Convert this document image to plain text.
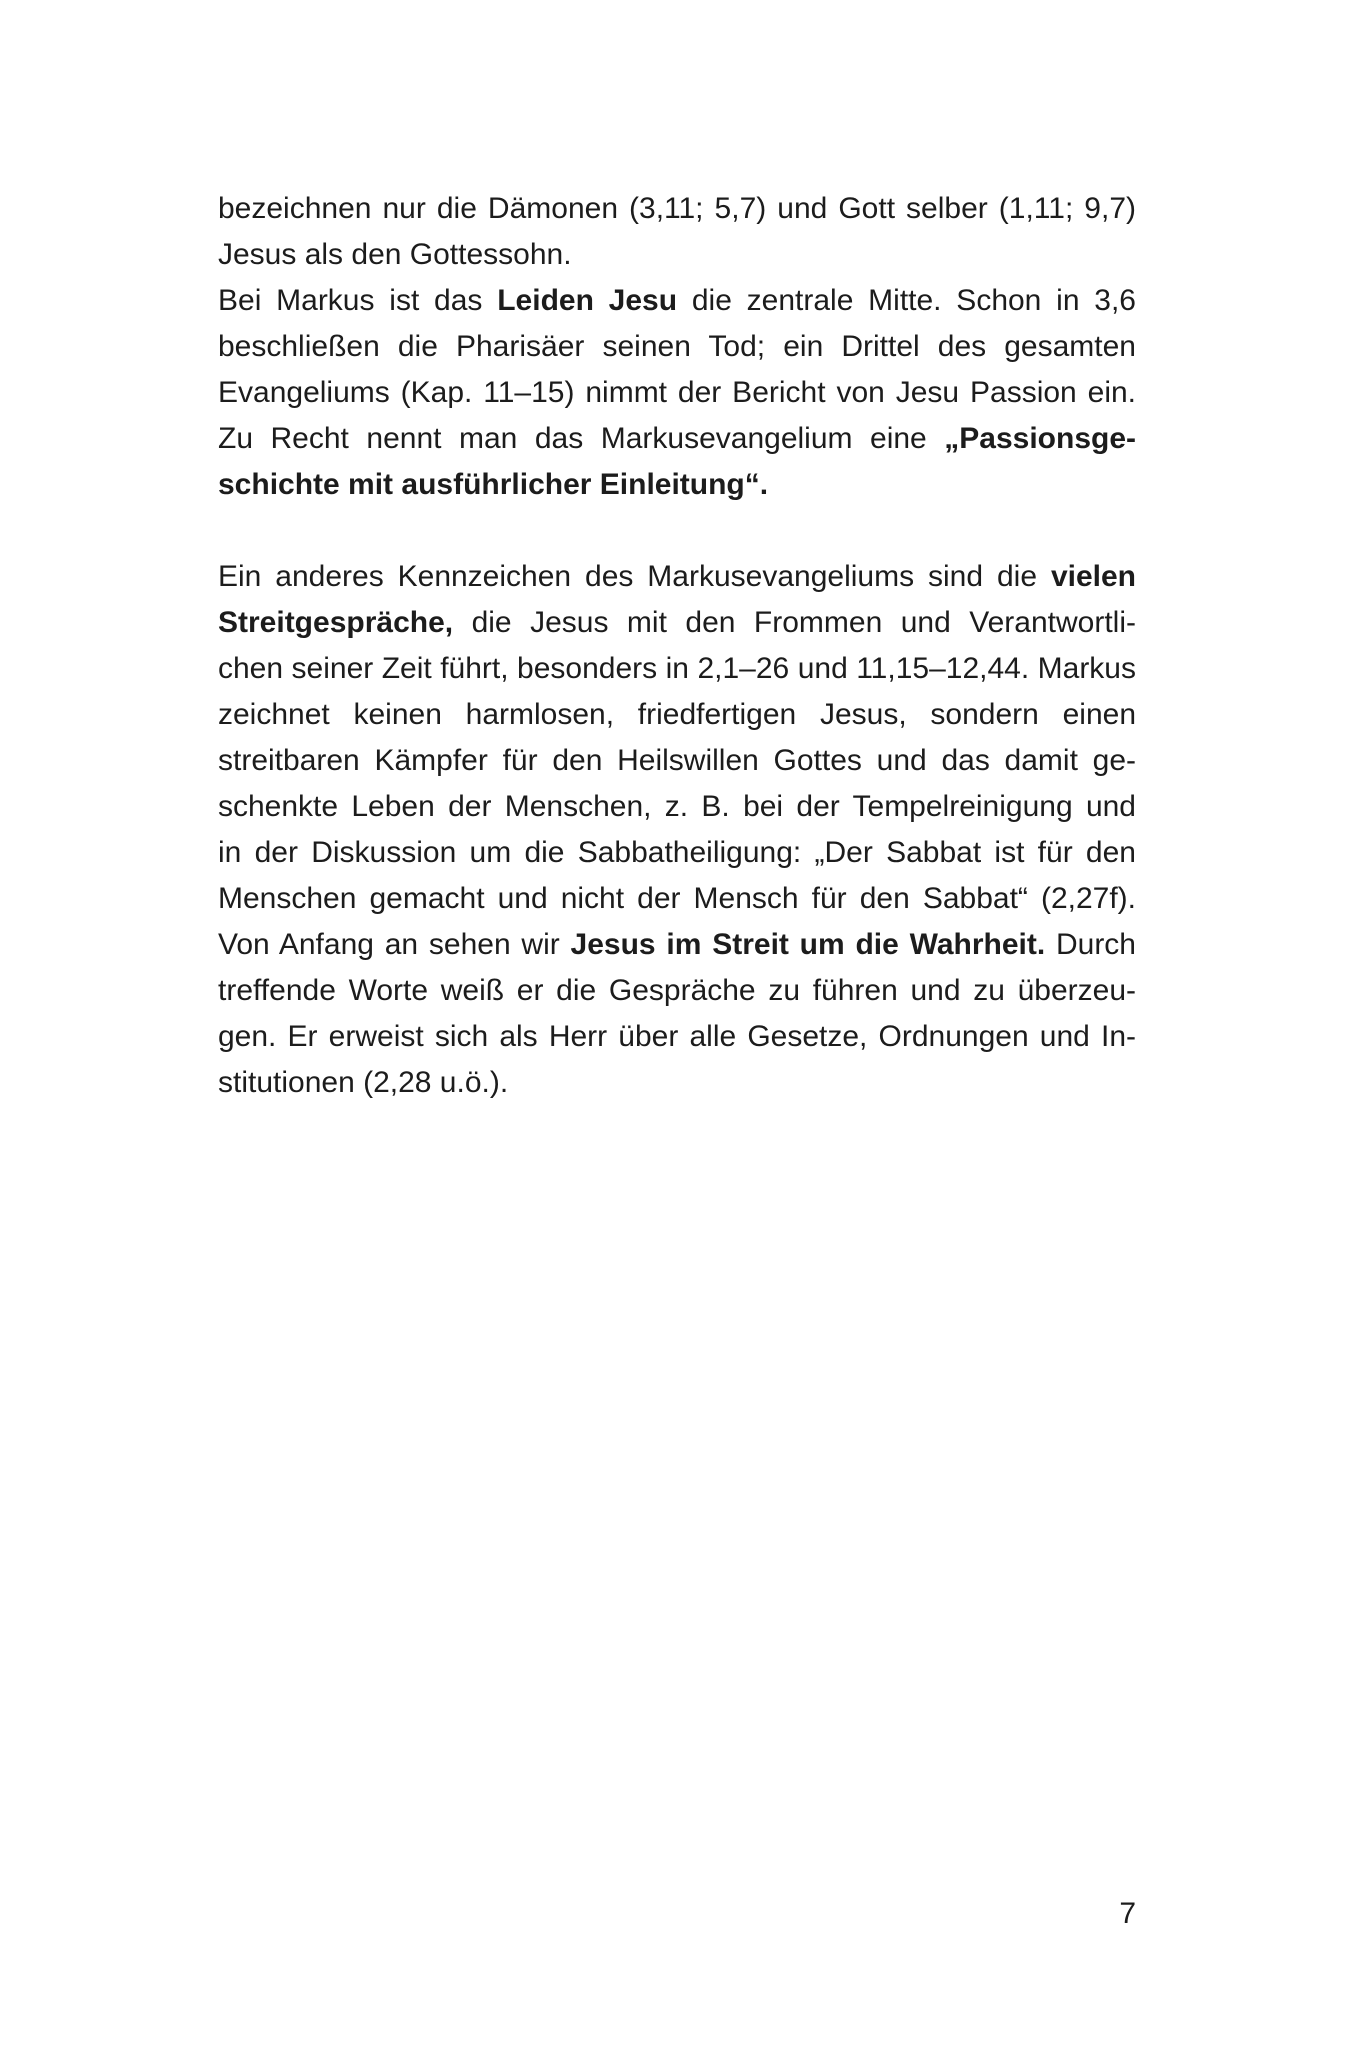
bezeichnen nur die Dämonen (3,11; 5,7) und Gott selber (1,11; 9,7)
Jesus als den Gottessohn.
Bei Markus ist das Leiden Jesu die zentrale Mitte. Schon in 3,6
beschließen die Pharisäer seinen Tod; ein Drittel des gesamten
Evangeliums (Kap. 11–15) nimmt der Bericht von Jesu Passion ein.
Zu Recht nennt man das Markusevangelium eine „Passionsge-
schichte mit ausführlicher Einleitung“.
Ein anderes Kennzeichen des Markusevangeliums sind die vielen
Streitgespräche, die Jesus mit den Frommen und Verantwortli-
chen seiner Zeit führt, besonders in 2,1–26 und 11,15–12,44. Markus
zeichnet keinen harmlosen, friedfertigen Jesus, sondern einen
streitbaren Kämpfer für den Heilswillen Gottes und das damit ge-
schenkte Leben der Menschen, z. B. bei der Tempelreinigung und
in der Diskussion um die Sabbatheiligung: „Der Sabbat ist für den
Menschen gemacht und nicht der Mensch für den Sabbat“ (2,27f).
Von Anfang an sehen wir Jesus im Streit um die Wahrheit. Durch
treffende Worte weiß er die Gespräche zu führen und zu überzeu-
gen. Er erweist sich als Herr über alle Gesetze, Ordnungen und In-
stitutionen (2,28 u.ö.).
7
